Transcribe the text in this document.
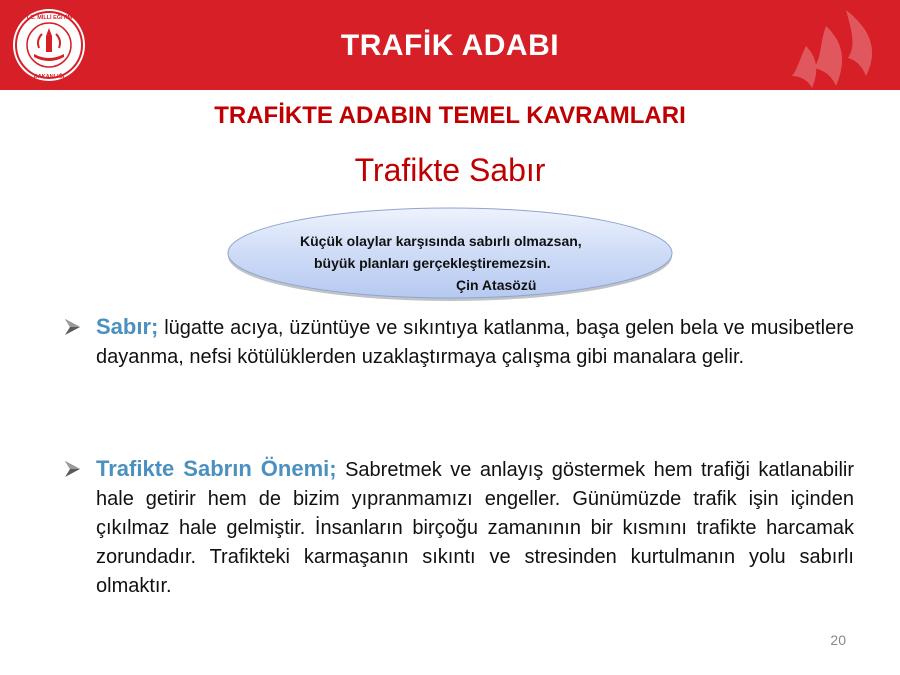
T.C. MİLLİ EĞİTİM
BAKANLIĞI
TRAFİK ADABI
TRAFİKTE ADABIN TEMEL KAVRAMLARI
Trafikte Sabır
Küçük olaylar karşısında sabırlı olmazsan,
büyük planları gerçekleştiremezsin.
Çin Atasözü
Sabır; lügatte acıya, üzüntüye ve sıkıntıya katlanma, başa gelen bela ve musibetlere dayanma, nefsi kötülüklerden uzaklaştırmaya çalışma gibi manalara gelir.
Trafikte Sabrın Önemi; Sabretmek ve anlayış göstermek hem trafiği katlanabilir hale getirir hem de bizim yıpranmamızı engeller. Günümüzde trafik işin içinden çıkılmaz hale gelmiştir. İnsanların birçoğu zamanının bir kısmını trafikte harcamak zorundadır. Trafikteki karmaşanın sıkıntı ve stresinden kurtulmanın yolu sabırlı olmaktır.
20
